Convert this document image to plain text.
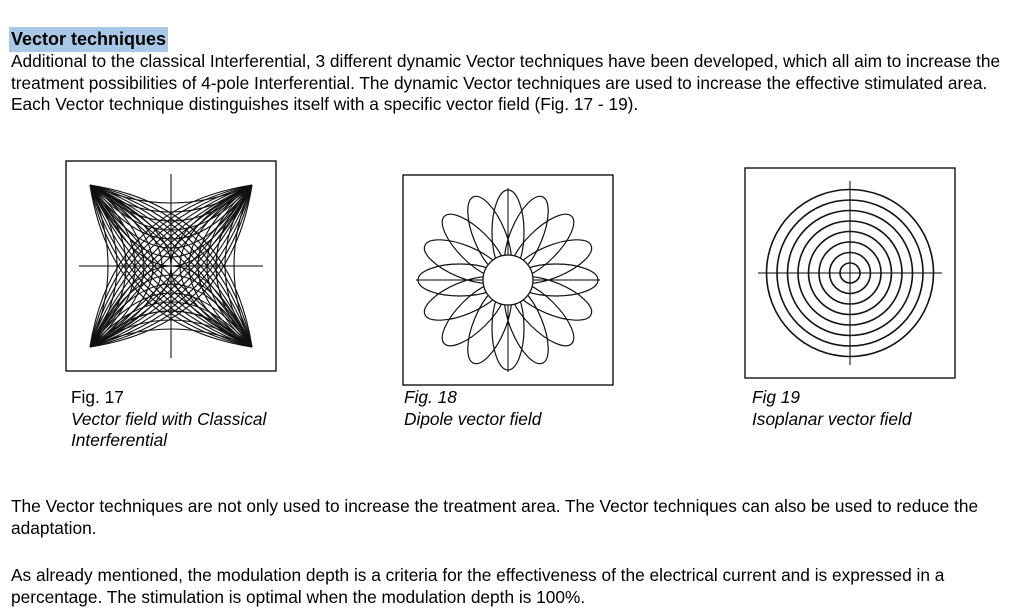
Vector techniques

Additional to the classical Interferential, 3 different dynamic Vector techniques have been developed, which all aim to increase the treatment possibilities of 4-pole Interferential. The dynamic Vector techniques are used to increase the effective stimulated area. Each Vector technique distinguishes itself with a specific vector field (Fig. 17 - 19).

Fig. 17
Vector field with Classical
Interferential
Fig. 18
Dipole vector field
Fig 19
Isoplanar vector field

The Vector techniques are not only used to increase the treatment area. The Vector techniques can also be used to reduce the adaptation.

As already mentioned, the modulation depth is a criteria for the effectiveness of the electrical current and is expressed in a percentage. The stimulation is optimal when the modulation depth is 100%.
